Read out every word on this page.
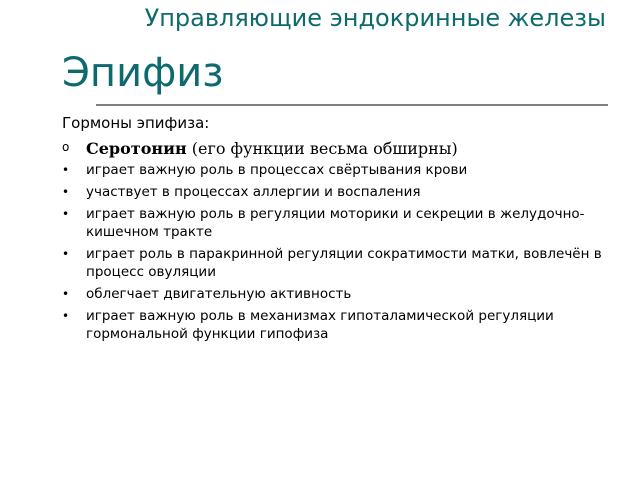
Управляющие эндокринные железы
Эпифиз
Гормоны эпифиза:
o Серотонин (его функции весьма обширны)
• играет важную роль в процессах свёртывания крови
• участвует в процессах аллергии и воспаления
• играет важную роль в регуляции моторики и секреции в желудочно-кишечном тракте
• играет роль в паракринной регуляции сократимости матки, вовлечён в процесс овуляции
• облегчает двигательную активность
• играет важную роль в механизмах гипоталамической регуляции гормональной функции гипофиза
